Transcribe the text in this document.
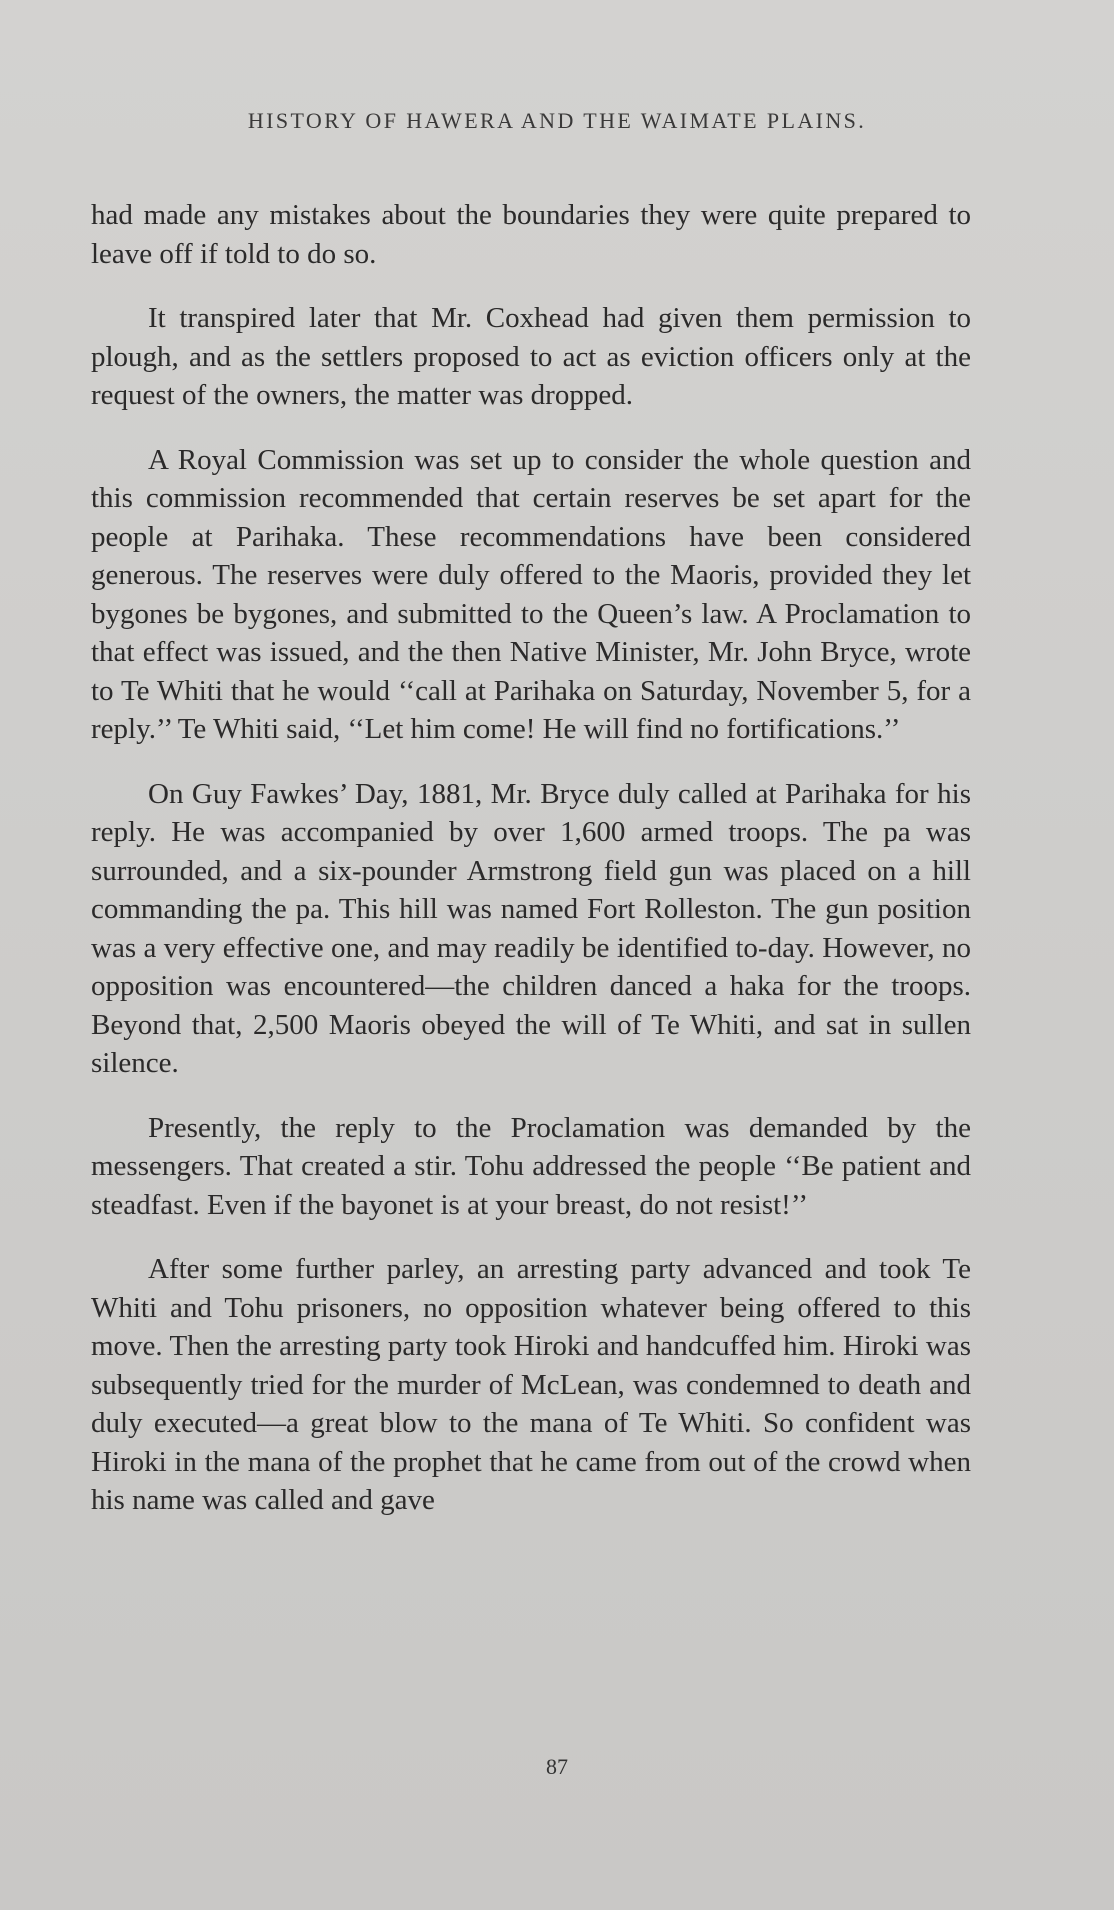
HISTORY OF HAWERA AND THE WAIMATE PLAINS.

had made any mistakes about the boundaries they were quite prepared to leave off if told to do so.

It transpired later that Mr. Coxhead had given them permission to plough, and as the settlers proposed to act as eviction officers only at the request of the owners, the matter was dropped.

A Royal Commission was set up to consider the whole question and this commission recommended that certain reserves be set apart for the people at Parihaka. These recommendations have been considered generous. The reserves were duly offered to the Maoris, provided they let bygones be bygones, and submitted to the Queen’s law. A Proclamation to that effect was issued, and the then Native Minister, Mr. John Bryce, wrote to Te Whiti that he would ‘‘call at Parihaka on Saturday, November 5, for a reply.’’ Te Whiti said, ‘‘Let him come! He will find no fortifications.’’

On Guy Fawkes’ Day, 1881, Mr. Bryce duly called at Parihaka for his reply. He was accompanied by over 1,600 armed troops. The pa was surrounded, and a six-pounder Armstrong field gun was placed on a hill commanding the pa. This hill was named Fort Rolleston. The gun position was a very effective one, and may readily be identified to-day. However, no opposition was encountered—the children danced a haka for the troops. Beyond that, 2,500 Maoris obeyed the will of Te Whiti, and sat in sullen silence.

Presently, the reply to the Proclamation was demanded by the messengers. That created a stir. Tohu addressed the people ‘‘Be patient and steadfast. Even if the bayonet is at your breast, do not resist!’’

After some further parley, an arresting party advanced and took Te Whiti and Tohu prisoners, no opposition whatever being offered to this move. Then the arresting party took Hiroki and handcuffed him. Hiroki was subsequently tried for the murder of McLean, was condemned to death and duly executed—a great blow to the mana of Te Whiti. So confident was Hiroki in the mana of the prophet that he came from out of the crowd when his name was called and gave

87
